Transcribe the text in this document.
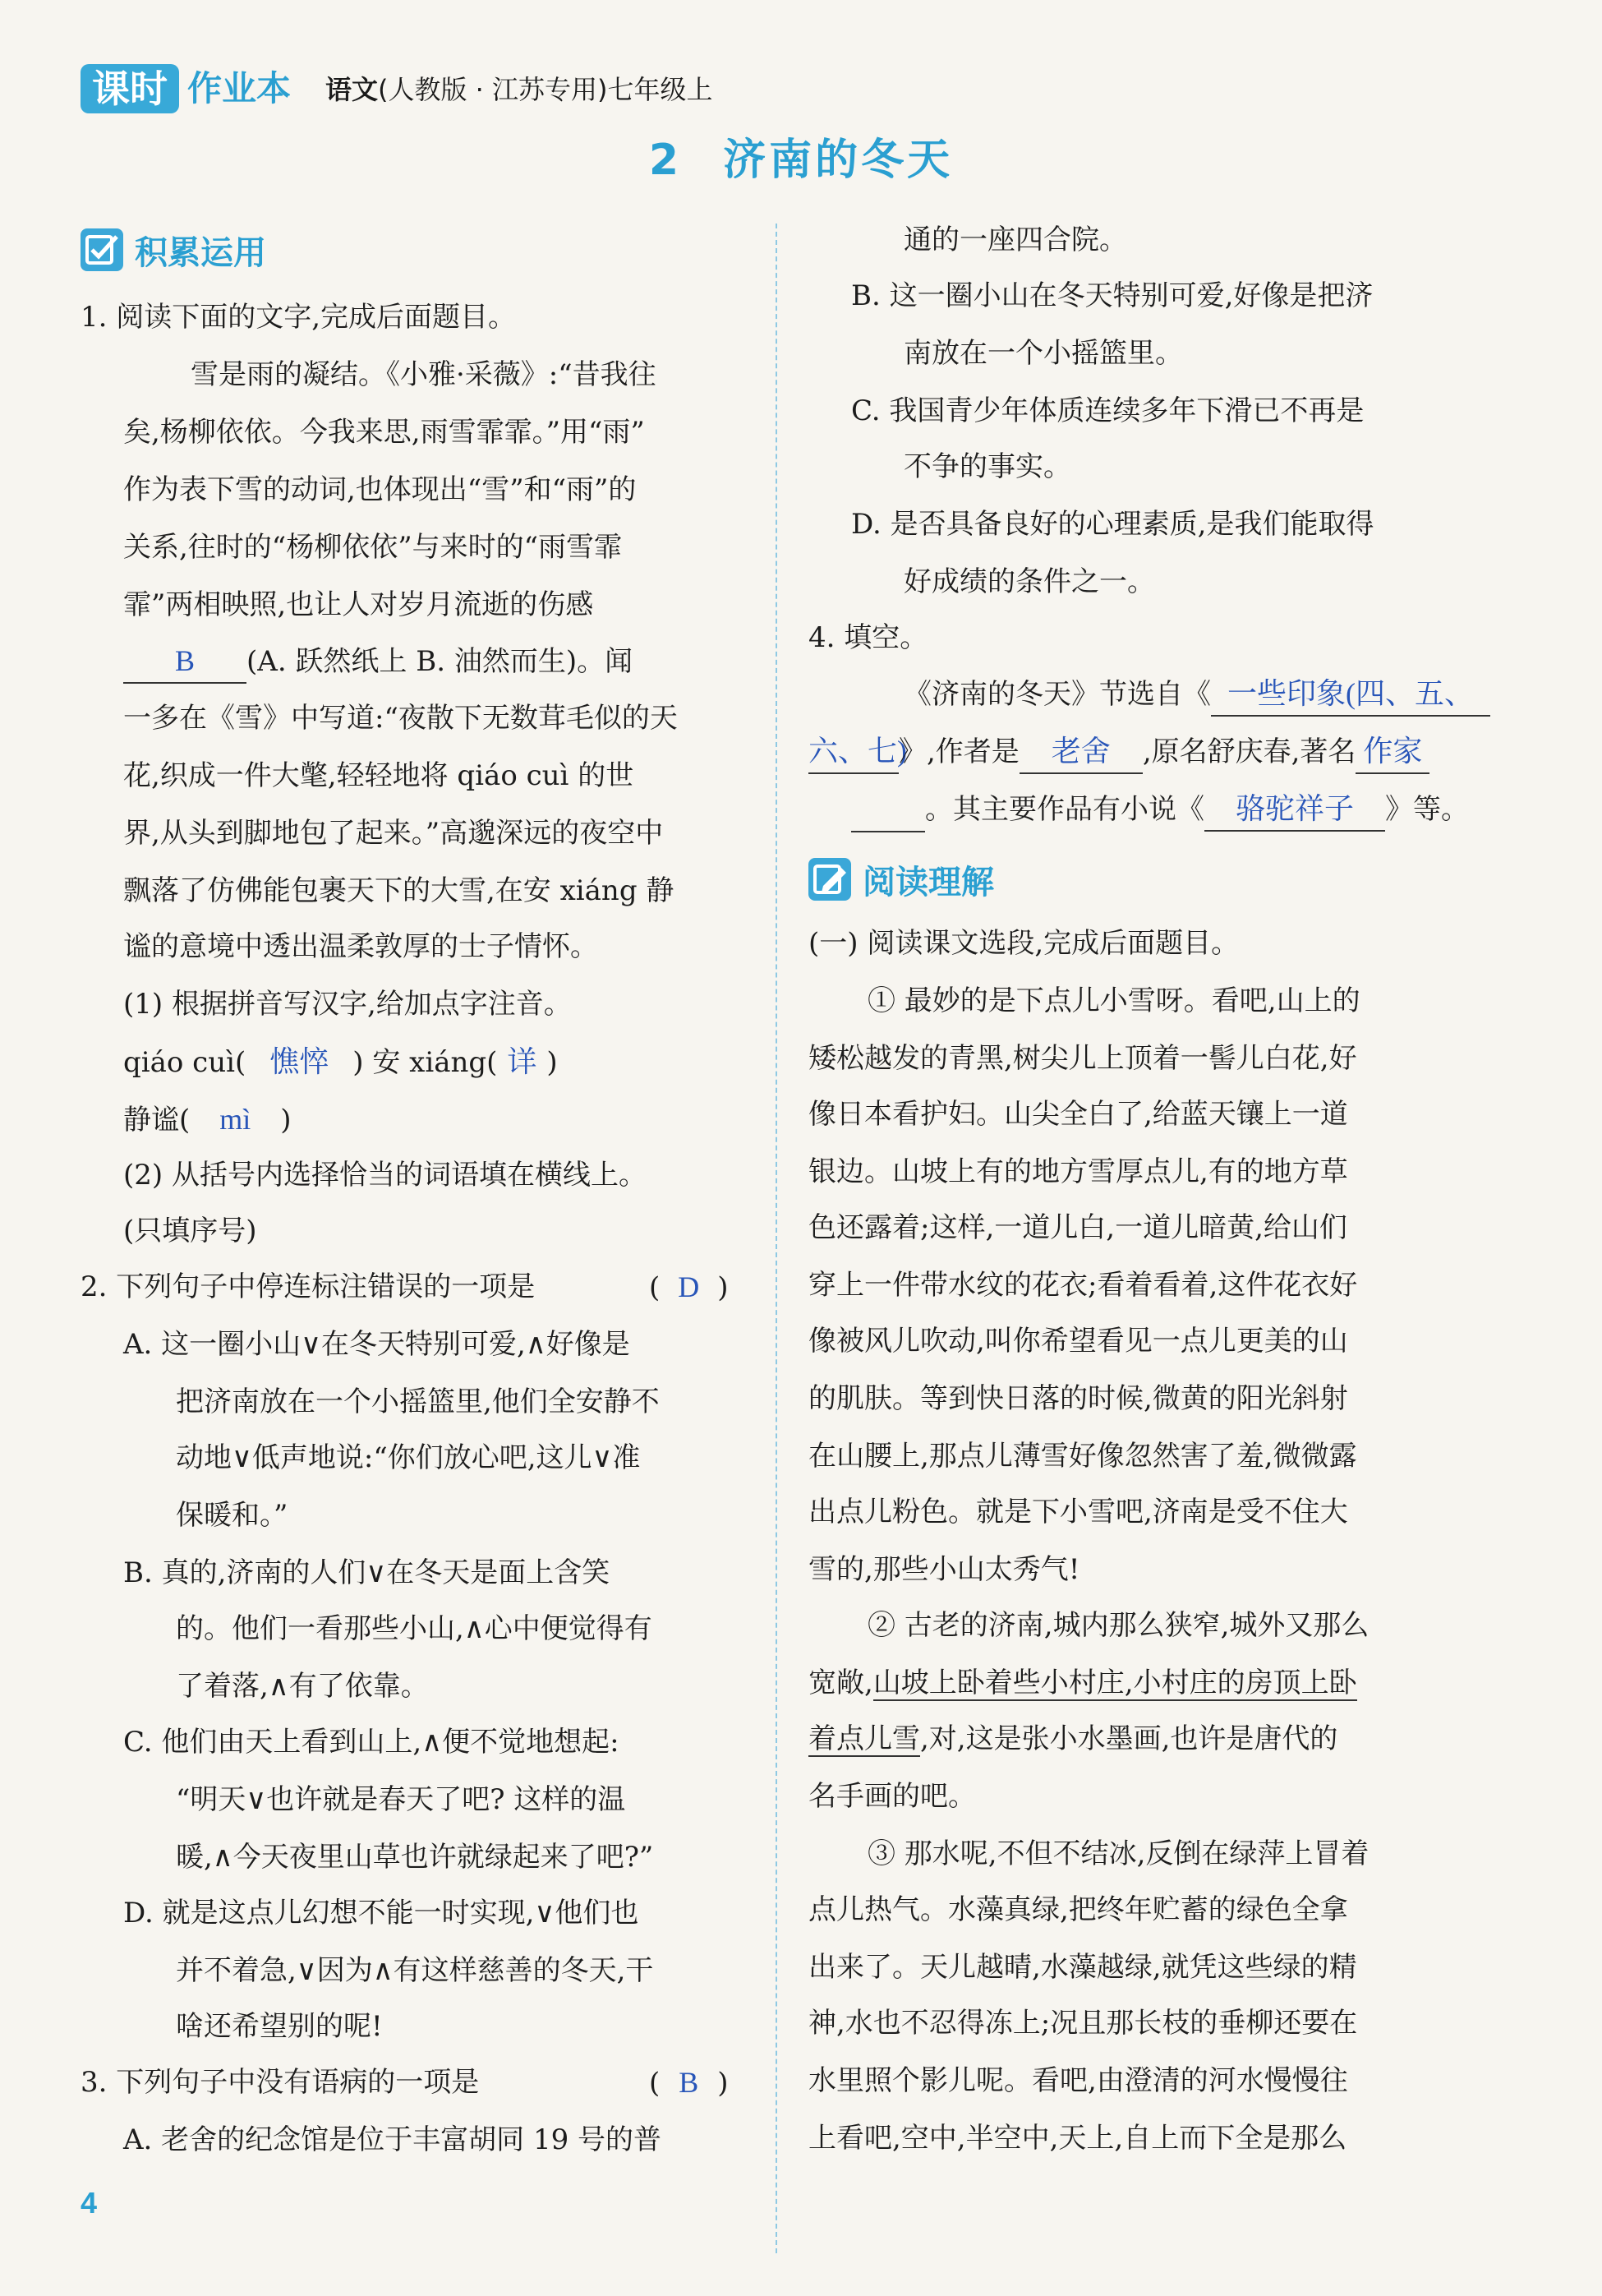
课时 作业本 语文(人教版 · 江苏专用)七年级上
2 济南的冬天
积累运用
1. 阅读下面的文字,完成后面题目。
雪是雨的凝结。《小雅·采薇》:“昔我往
矣,杨柳依依。今我来思,雨雪霏霏。”用“雨”
作为表下雪的动词,也体现出“雪”和“雨”的
关系,往时的“杨柳依依”与来时的“雨雪霏
霏”两相映照,也让人对岁月流逝的伤感
B (A. 跃然纸上 B. 油然而生)。闻
一多在《雪》中写道:“夜散下无数茸毛似的天
花,织成一件大氅,轻轻地将 qiáo cuì 的世
界,从头到脚地包了起来。”高邈深远的夜空中
飘落了仿佛能包裹天下的大雪,在安 xiáng 静
谧的意境中透出温柔敦厚的士子情怀。
(1) 根据拼音写汉字,给加点字注音。
qiáo cuì( 憔悴 ) 安 xiáng( 详 )
静谧( mì )
(2) 从括号内选择恰当的词语填在横线上。
(只填序号)
2. 下列句子中停连标注错误的一项是	( D )
A. 这一圈小山∨在冬天特别可爱,∧好像是
把济南放在一个小摇篮里,他们全安静不
动地∨低声地说:“你们放心吧,这儿∨准
保暖和。”
B. 真的,济南的人们∨在冬天是面上含笑
的。他们一看那些小山,∧心中便觉得有
了着落,∧有了依靠。
C. 他们由天上看到山上,∧便不觉地想起:
“明天∨也许就是春天了吧? 这样的温
暖,∧今天夜里山草也许就绿起来了吧?”
D. 就是这点儿幻想不能一时实现,∨他们也
并不着急,∨因为∧有这样慈善的冬天,干
啥还希望别的呢!
3. 下列句子中没有语病的一项是	( B )
A. 老舍的纪念馆是位于丰富胡同 19 号的普
通的一座四合院。
B. 这一圈小山在冬天特别可爱,好像是把济
南放在一个小摇篮里。
C. 我国青少年体质连续多年下滑已不再是
不争的事实。
D. 是否具备良好的心理素质,是我们能取得
好成绩的条件之一。
4. 填空。
《济南的冬天》节选自《 一些印象(四、五、
六、七)》,作者是 老舍 ,原名舒庆春,著名 作家
。其主要作品有小说《 骆驼祥子 》等。
阅读理解
(一) 阅读课文选段,完成后面题目。
① 最妙的是下点儿小雪呀。看吧,山上的
矮松越发的青黑,树尖儿上顶着一髻儿白花,好
像日本看护妇。山尖全白了,给蓝天镶上一道
银边。山坡上有的地方雪厚点儿,有的地方草
色还露着;这样,一道儿白,一道儿暗黄,给山们
穿上一件带水纹的花衣;看着看着,这件花衣好
像被风儿吹动,叫你希望看见一点儿更美的山
的肌肤。等到快日落的时候,微黄的阳光斜射
在山腰上,那点儿薄雪好像忽然害了羞,微微露
出点儿粉色。就是下小雪吧,济南是受不住大
雪的,那些小山太秀气!
② 古老的济南,城内那么狭窄,城外又那么
宽敞,山坡上卧着些小村庄,小村庄的房顶上卧
着点儿雪,对,这是张小水墨画,也许是唐代的
名手画的吧。
③ 那水呢,不但不结冰,反倒在绿萍上冒着
点儿热气。水藻真绿,把终年贮蓄的绿色全拿
出来了。天儿越晴,水藻越绿,就凭这些绿的精
神,水也不忍得冻上;况且那长枝的垂柳还要在
水里照个影儿呢。看吧,由澄清的河水慢慢往
上看吧,空中,半空中,天上,自上而下全是那么
4
